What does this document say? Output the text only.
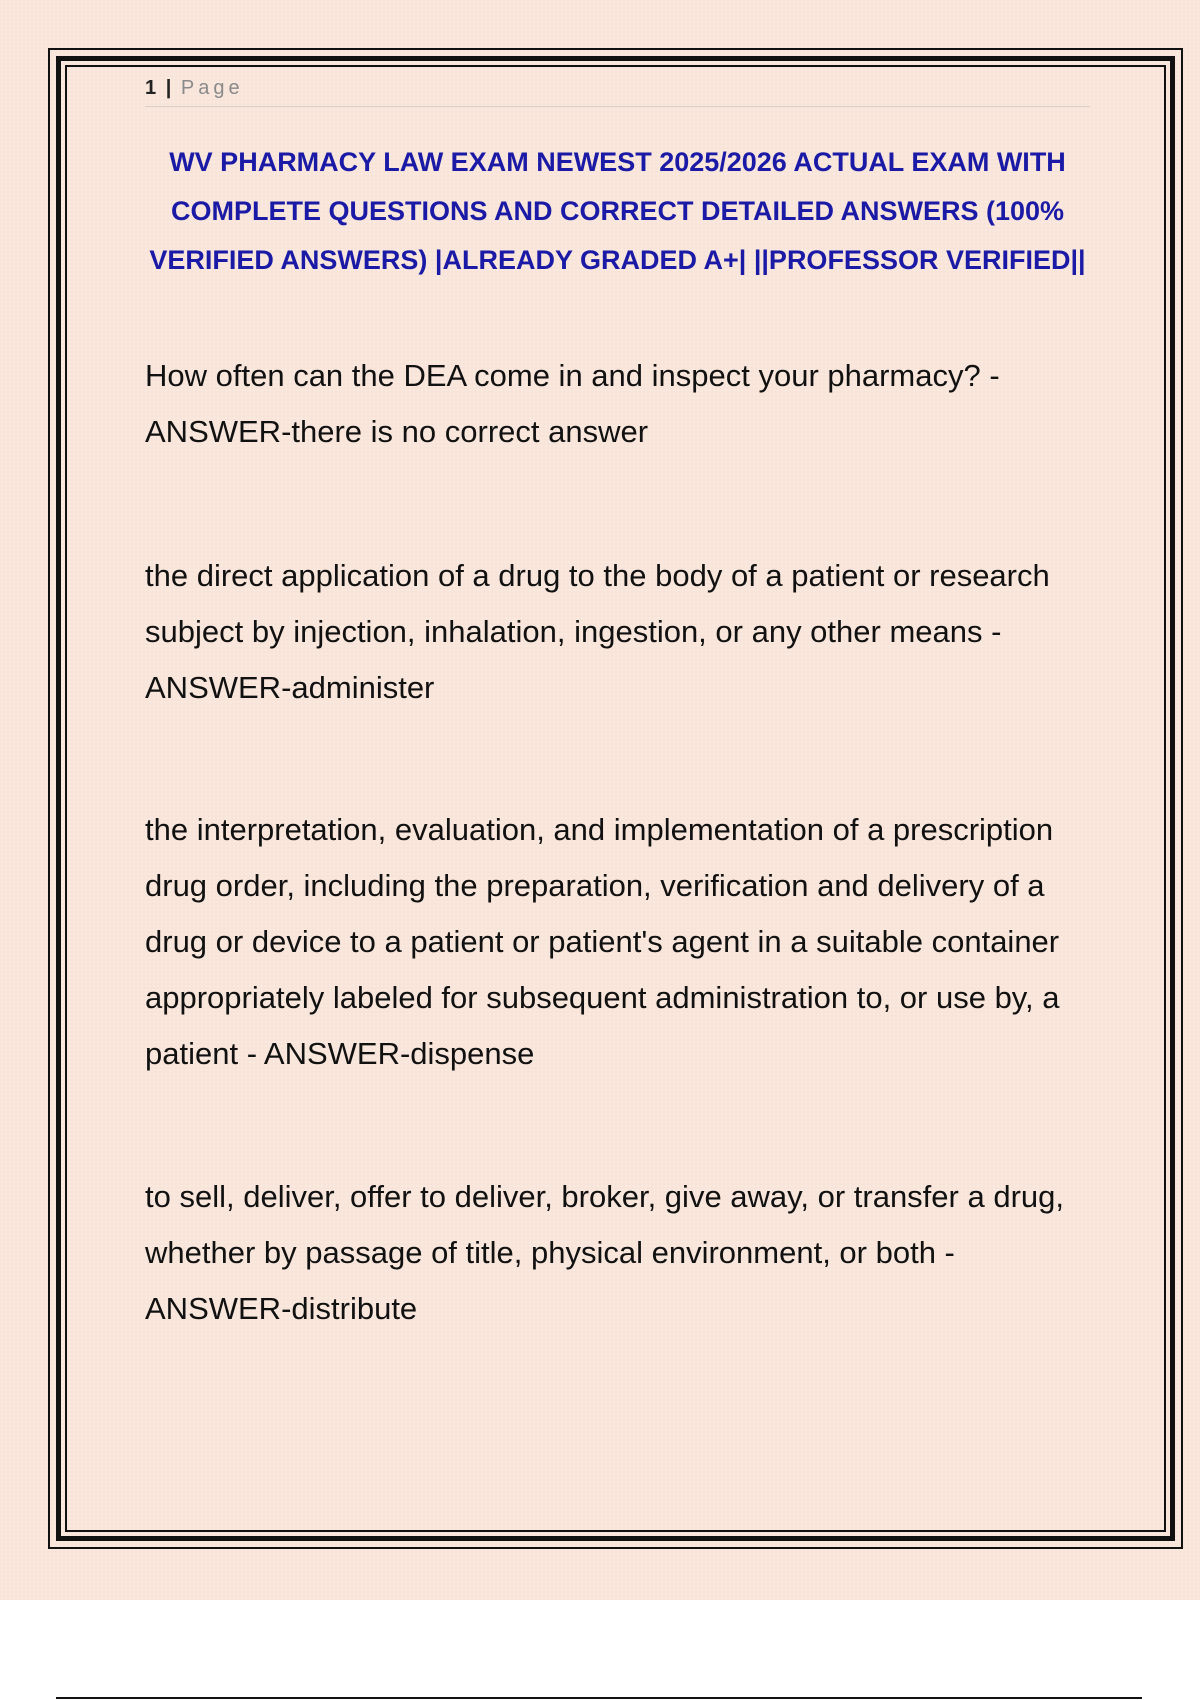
1 | Page
WV PHARMACY LAW EXAM NEWEST 2025/2026 ACTUAL EXAM WITH COMPLETE QUESTIONS AND CORRECT DETAILED ANSWERS (100% VERIFIED ANSWERS) |ALREADY GRADED A+| ||PROFESSOR VERIFIED||

How often can the DEA come in and inspect your pharmacy? - ANSWER-there is no correct answer

the direct application of a drug to the body of a patient or research subject by injection, inhalation, ingestion, or any other means - ANSWER-administer

the interpretation, evaluation, and implementation of a prescription drug order, including the preparation, verification and delivery of a drug or device to a patient or patient's agent in a suitable container appropriately labeled for subsequent administration to, or use by, a patient - ANSWER-dispense

to sell, deliver, offer to deliver, broker, give away, or transfer a drug, whether by passage of title, physical environment, or both - ANSWER-distribute
